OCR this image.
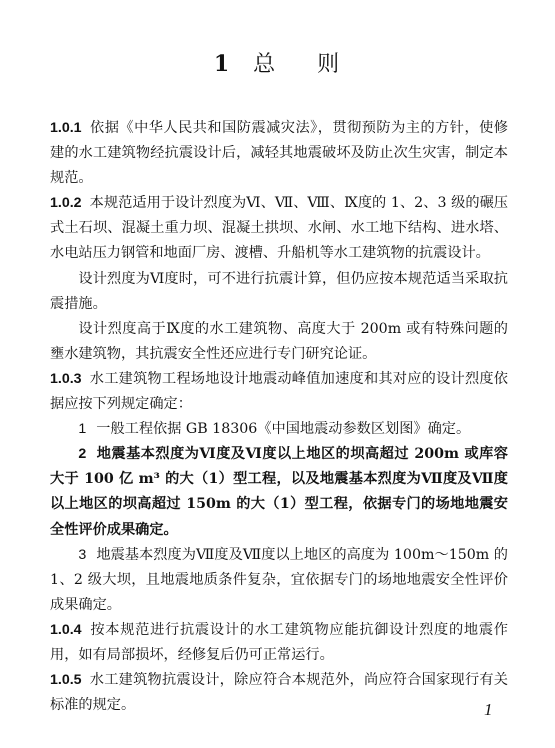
1 总 则

1.0.1 依据《中华人民共和国防震减灾法》，贯彻预防为主的方针，使修建的水工建筑物经抗震设计后，减轻其地震破坏及防止次生灾害，制定本规范。

1.0.2 本规范适用于设计烈度为Ⅵ、Ⅶ、Ⅷ、Ⅸ度的 1、2、3 级的碾压式土石坝、混凝土重力坝、混凝土拱坝、水闸、水工地下结构、进水塔、水电站压力钢管和地面厂房、渡槽、升船机等水工建筑物的抗震设计。

设计烈度为Ⅵ度时，可不进行抗震计算，但仍应按本规范适当采取抗震措施。

设计烈度高于Ⅸ度的水工建筑物、高度大于 200m 或有特殊问题的壅水建筑物，其抗震安全性还应进行专门研究论证。

1.0.3 水工建筑物工程场地设计地震动峰值加速度和其对应的设计烈度依据应按下列规定确定：

1 一般工程依据 GB 18306《中国地震动参数区划图》确定。

2 地震基本烈度为Ⅵ度及Ⅵ度以上地区的坝高超过 200m 或库容大于 100 亿 m³ 的大（1）型工程，以及地震基本烈度为Ⅶ度及Ⅶ度以上地区的坝高超过 150m 的大（1）型工程，依据专门的场地地震安全性评价成果确定。

3 地震基本烈度为Ⅶ度及Ⅶ度以上地区的高度为 100m～150m 的 1、2 级大坝，且地震地质条件复杂，宜依据专门的场地地震安全性评价成果确定。

1.0.4 按本规范进行抗震设计的水工建筑物应能抗御设计烈度的地震作用，如有局部损坏，经修复后仍可正常运行。

1.0.5 水工建筑物抗震设计，除应符合本规范外，尚应符合国家现行有关标准的规定。	1
